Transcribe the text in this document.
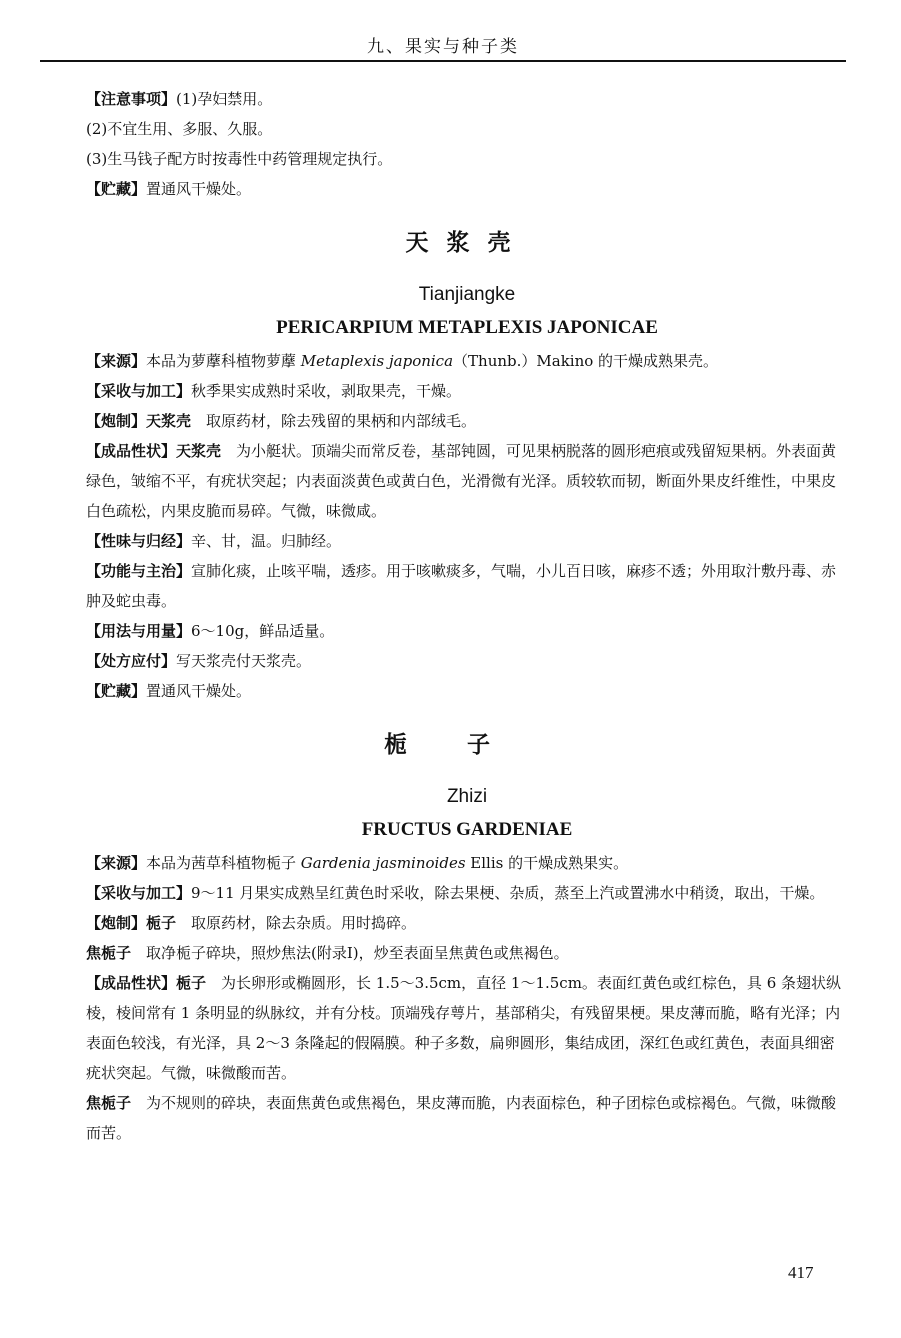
九、果实与种子类

【注意事项】(1)孕妇禁用。

(2)不宜生用、多服、久服。

(3)生马钱子配方时按毒性中药管理规定执行。

【贮藏】置通风干燥处。

天浆壳
Tianjiangke
PERICARPIUM METAPLEXIS JAPONICAE

【来源】本品为萝藦科植物萝藦 Metaplexis japonica（Thunb.）Makino 的干燥成熟果壳。

【采收与加工】秋季果实成熟时采收，剥取果壳，干燥。

【炮制】天浆壳　取原药材，除去残留的果柄和内部绒毛。

【成品性状】天浆壳　为小艇状。顶端尖而常反卷，基部钝圆，可见果柄脱落的圆形疤痕或残留短果柄。外表面黄绿色，皱缩不平，有疣状突起；内表面淡黄色或黄白色，光滑微有光泽。质较软而韧，断面外果皮纤维性，中果皮白色疏松，内果皮脆而易碎。气微，味微咸。

【性味与归经】辛、甘，温。归肺经。

【功能与主治】宣肺化痰，止咳平喘，透疹。用于咳嗽痰多，气喘，小儿百日咳，麻疹不透；外用取汁敷丹毒、赤肿及蛇虫毒。

【用法与用量】6～10g，鲜品适量。

【处方应付】写天浆壳付天浆壳。

【贮藏】置通风干燥处。

栀子
Zhizi
FRUCTUS GARDENIAE

【来源】本品为茜草科植物栀子 Gardenia jasminoides Ellis 的干燥成熟果实。

【采收与加工】9～11 月果实成熟呈红黄色时采收，除去果梗、杂质，蒸至上汽或置沸水中稍烫，取出，干燥。

【炮制】栀子　取原药材，除去杂质。用时捣碎。

焦栀子　取净栀子碎块，照炒焦法(附录Ⅰ)，炒至表面呈焦黄色或焦褐色。

【成品性状】栀子　为长卵形或椭圆形，长 1.5～3.5cm，直径 1～1.5cm。表面红黄色或红棕色，具 6 条翅状纵棱，棱间常有 1 条明显的纵脉纹，并有分枝。顶端残存萼片，基部稍尖，有残留果梗。果皮薄而脆，略有光泽；内表面色较浅，有光泽，具 2～3 条隆起的假隔膜。种子多数，扁卵圆形，集结成团，深红色或红黄色，表面具细密疣状突起。气微，味微酸而苦。

焦栀子　为不规则的碎块，表面焦黄色或焦褐色，果皮薄而脆，内表面棕色，种子团棕色或棕褐色。气微，味微酸而苦。

417
